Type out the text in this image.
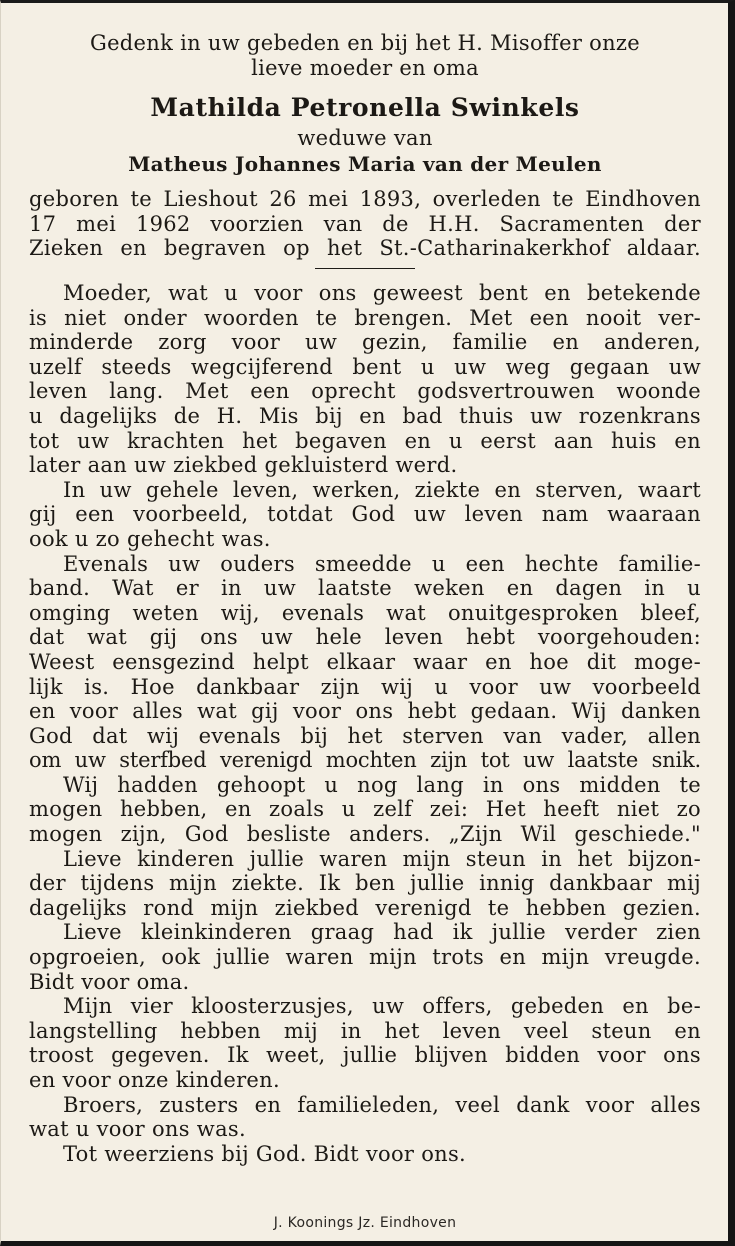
Gedenk in uw gebeden en bij het H. Misoffer onze
lieve moeder en oma
Mathilda Petronella Swinkels
weduwe van
Matheus Johannes Maria van der Meulen
geboren te Lieshout 26 mei 1893, overleden te Eindhoven
17 mei 1962 voorzien van de H.H. Sacramenten der
Zieken en begraven op het St.-Catharinakerkhof aldaar.
Moeder, wat u voor ons geweest bent en betekende
is niet onder woorden te brengen. Met een nooit ver-
minderde zorg voor uw gezin, familie en anderen,
uzelf steeds wegcijferend bent u uw weg gegaan uw
leven lang. Met een oprecht godsvertrouwen woonde
u dagelijks de H. Mis bij en bad thuis uw rozenkrans
tot uw krachten het begaven en u eerst aan huis en
later aan uw ziekbed gekluisterd werd.
In uw gehele leven, werken, ziekte en sterven, waart
gij een voorbeeld, totdat God uw leven nam waaraan
ook u zo gehecht was.
Evenals uw ouders smeedde u een hechte familie-
band. Wat er in uw laatste weken en dagen in u
omging weten wij, evenals wat onuitgesproken bleef,
dat wat gij ons uw hele leven hebt voorgehouden:
Weest eensgezind helpt elkaar waar en hoe dit moge-
lijk is. Hoe dankbaar zijn wij u voor uw voorbeeld
en voor alles wat gij voor ons hebt gedaan. Wij danken
God dat wij evenals bij het sterven van vader, allen
om uw sterfbed verenigd mochten zijn tot uw laatste snik.
Wij hadden gehoopt u nog lang in ons midden te
mogen hebben, en zoals u zelf zei: Het heeft niet zo
mogen zijn, God besliste anders. „Zijn Wil geschiede."
Lieve kinderen jullie waren mijn steun in het bijzon-
der tijdens mijn ziekte. Ik ben jullie innig dankbaar mij
dagelijks rond mijn ziekbed verenigd te hebben gezien.
Lieve kleinkinderen graag had ik jullie verder zien
opgroeien, ook jullie waren mijn trots en mijn vreugde.
Bidt voor oma.
Mijn vier kloosterzusjes, uw offers, gebeden en be-
langstelling hebben mij in het leven veel steun en
troost gegeven. Ik weet, jullie blijven bidden voor ons
en voor onze kinderen.
Broers, zusters en familieleden, veel dank voor alles
wat u voor ons was.
Tot weerziens bij God. Bidt voor ons.
J. Koonings Jz. Eindhoven
